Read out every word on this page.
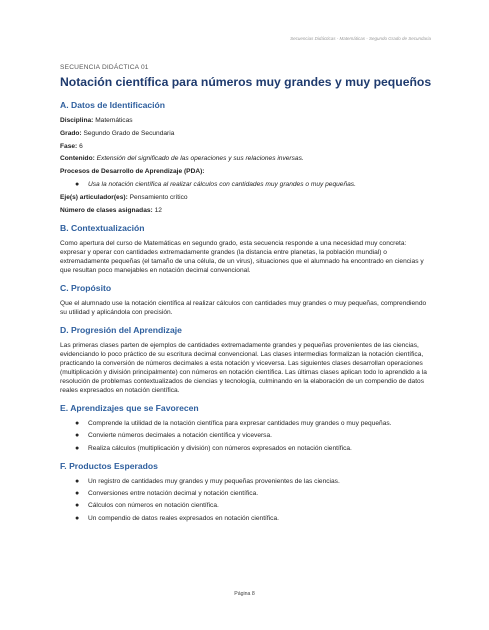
Secuencias Didácticas - Matemáticas - Segundo Grado de Secundaria
SECUENCIA DIDÁCTICA 01
Notación científica para números muy grandes y muy pequeños
A. Datos de Identificación
Disciplina: Matemáticas
Grado: Segundo Grado de Secundaria
Fase: 6
Contenido: Extensión del significado de las operaciones y sus relaciones inversas.
Procesos de Desarrollo de Aprendizaje (PDA):
● Usa la notación científica al realizar cálculos con cantidades muy grandes o muy pequeñas.
Eje(s) articulador(es): Pensamiento crítico
Número de clases asignadas: 12
B. Contextualización
Como apertura del curso de Matemáticas en segundo grado, esta secuencia responde a una necesidad muy concreta: expresar y operar con cantidades extremadamente grandes (la distancia entre planetas, la población mundial) o extremadamente pequeñas (el tamaño de una célula, de un virus), situaciones que el alumnado ha encontrado en ciencias y que resultan poco manejables en notación decimal convencional.
C. Propósito
Que el alumnado use la notación científica al realizar cálculos con cantidades muy grandes o muy pequeñas, comprendiendo su utilidad y aplicándola con precisión.
D. Progresión del Aprendizaje
Las primeras clases parten de ejemplos de cantidades extremadamente grandes y pequeñas provenientes de las ciencias, evidenciando lo poco práctico de su escritura decimal convencional. Las clases intermedias formalizan la notación científica, practicando la conversión de números decimales a esta notación y viceversa. Las siguientes clases desarrollan operaciones (multiplicación y división principalmente) con números en notación científica. Las últimas clases aplican todo lo aprendido a la resolución de problemas contextualizados de ciencias y tecnología, culminando en la elaboración de un compendio de datos reales expresados en notación científica.
E. Aprendizajes que se Favorecen
● Comprende la utilidad de la notación científica para expresar cantidades muy grandes o muy pequeñas.
● Convierte números decimales a notación científica y viceversa.
● Realiza cálculos (multiplicación y división) con números expresados en notación científica.
F. Productos Esperados
● Un registro de cantidades muy grandes y muy pequeñas provenientes de las ciencias.
● Conversiones entre notación decimal y notación científica.
● Cálculos con números en notación científica.
● Un compendio de datos reales expresados en notación científica.
Página 8
